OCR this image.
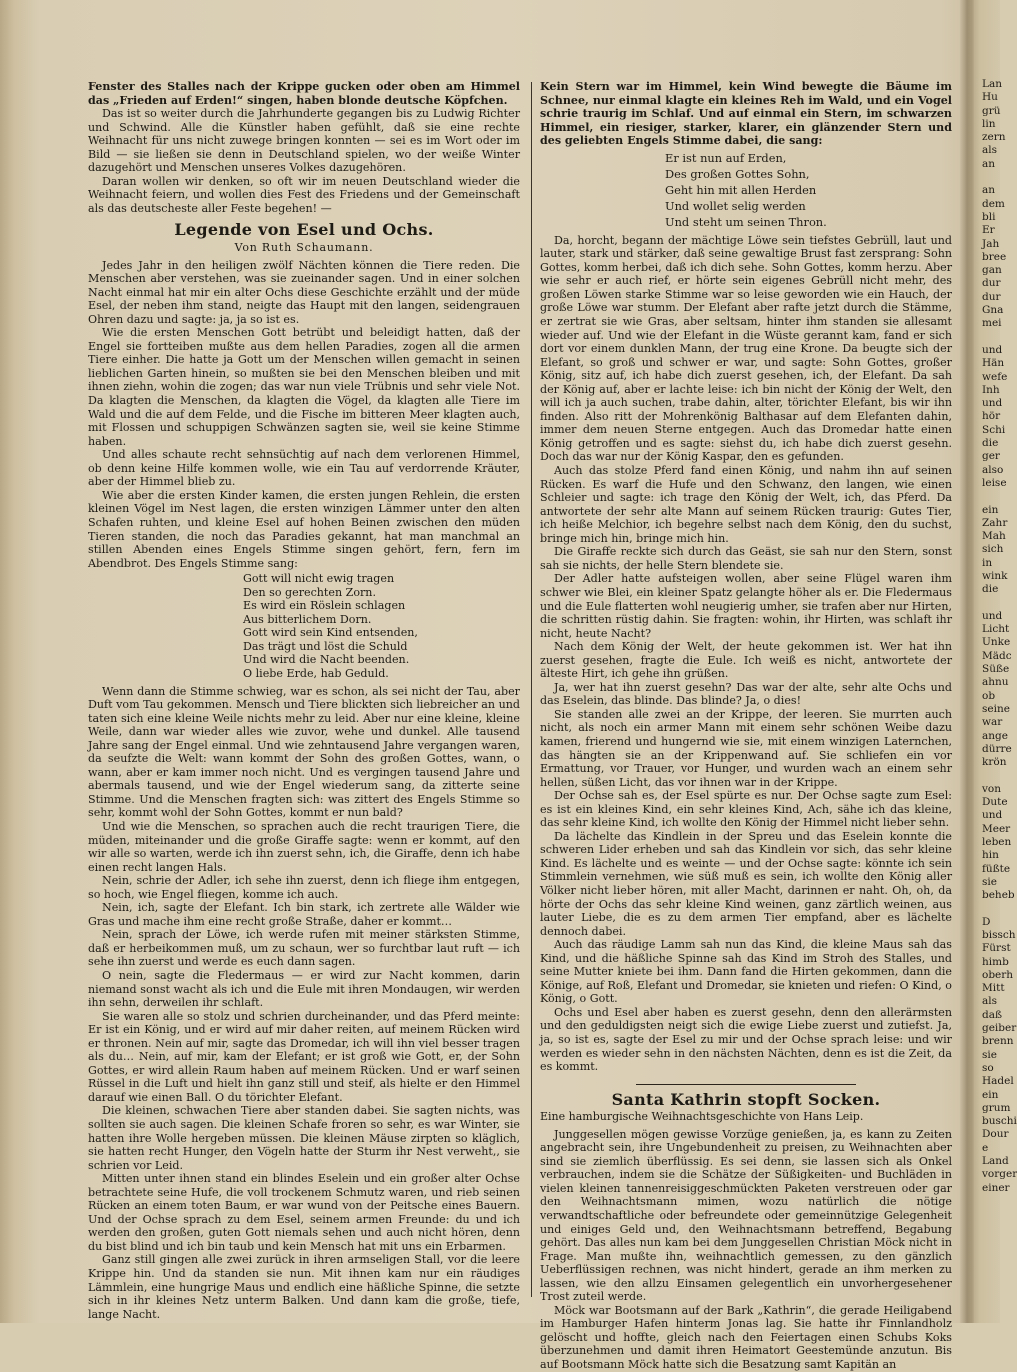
Fenster des Stalles nach der Krippe gucken oder oben am Himmel das „Frieden auf Erden!“ singen, haben blonde deutsche Köpfchen.

Das ist so weiter durch die Jahrhunderte gegangen bis zu Ludwig Richter und Schwind. Alle die Künstler haben gefühlt, daß sie eine rechte Weihnacht für uns nicht zuwege bringen konnten — sei es im Wort oder im Bild — sie ließen sie denn in Deutschland spielen, wo der weiße Winter dazugehört und Menschen unseres Volkes dazugehören.

Daran wollen wir denken, so oft wir im neuen Deutschland wieder die Weihnacht feiern, und wollen dies Fest des Friedens und der Gemeinschaft als das deutscheste aller Feste begehen! —

Legende von Esel und Ochs.
Von Ruth Schaumann.

Jedes Jahr in den heiligen zwölf Nächten können die Tiere reden. Die Menschen aber verstehen, was sie zueinander sagen. Und in einer solchen Nacht einmal hat mir ein alter Ochs diese Geschichte erzählt und der müde Esel, der neben ihm stand, neigte das Haupt mit den langen, seidengrauen Ohren dazu und sagte: ja, ja so ist es.

Wie die ersten Menschen Gott betrübt und beleidigt hatten, daß der Engel sie fortteiben mußte aus dem hellen Paradies, zogen all die armen Tiere einher. Die hatte ja Gott um der Menschen willen gemacht in seinen lieblichen Garten hinein, so mußten sie bei den Menschen bleiben und mit ihnen ziehn, wohin die zogen; das war nun viele Trübnis und sehr viele Not. Da klagten die Menschen, da klagten die Vögel, da klagten alle Tiere im Wald und die auf dem Felde, und die Fische im bitteren Meer klagten auch, mit Flossen und schuppigen Schwänzen sagten sie, weil sie keine Stimme haben.

Und alles schaute recht sehnsüchtig auf nach dem verlorenen Himmel, ob denn keine Hilfe kommen wolle, wie ein Tau auf verdorrende Kräuter, aber der Himmel blieb zu.

Wie aber die ersten Kinder kamen, die ersten jungen Rehlein, die ersten kleinen Vögel im Nest lagen, die ersten winzigen Lämmer unter den alten Schafen ruhten, und kleine Esel auf hohen Beinen zwischen den müden Tieren standen, die noch das Paradies gekannt, hat man manchmal an stillen Abenden eines Engels Stimme singen gehört, fern, fern im Abendbrot. Des Engels Stimme sang:

Gott will nicht ewig tragen
Den so gerechten Zorn.
Es wird ein Röslein schlagen
Aus bitterlichem Dorn.
Gott wird sein Kind entsenden,
Das trägt und löst die Schuld
Und wird die Nacht beenden.
O liebe Erde, hab Geduld.

Wenn dann die Stimme schwieg, war es schon, als sei nicht der Tau, aber Duft vom Tau gekommen. Mensch und Tiere blickten sich liebreicher an und taten sich eine kleine Weile nichts mehr zu leid. Aber nur eine kleine, kleine Weile, dann war wieder alles wie zuvor, wehe und dunkel. Alle tausend Jahre sang der Engel einmal. Und wie zehntausend Jahre vergangen waren, da seufzte die Welt: wann kommt der Sohn des großen Gottes, wann, o wann, aber er kam immer noch nicht. Und es vergingen tausend Jahre und abermals tausend, und wie der Engel wiederum sang, da zitterte seine Stimme. Und die Menschen fragten sich: was zittert des Engels Stimme so sehr, kommt wohl der Sohn Gottes, kommt er nun bald?

Und wie die Menschen, so sprachen auch die recht traurigen Tiere, die müden, miteinander und die große Giraffe sagte: wenn er kommt, auf den wir alle so warten, werde ich ihn zuerst sehn, ich, die Giraffe, denn ich habe einen recht langen Hals.

Nein, schrie der Adler, ich sehe ihn zuerst, denn ich fliege ihm entgegen, so hoch, wie Engel fliegen, komme ich auch.

Nein, ich, sagte der Elefant. Ich bin stark, ich zertrete alle Wälder wie Gras und mache ihm eine recht große Straße, daher er kommt…

Nein, sprach der Löwe, ich werde rufen mit meiner stärksten Stimme, daß er herbeikommen muß, um zu schaun, wer so furchtbar laut ruft — ich sehe ihn zuerst und werde es euch dann sagen.

O nein, sagte die Fledermaus — er wird zur Nacht kommen, darin niemand sonst wacht als ich und die Eule mit ihren Mondaugen, wir werden ihn sehn, derweilen ihr schlaft.

Sie waren alle so stolz und schrien durcheinander, und das Pferd meinte: Er ist ein König, und er wird auf mir daher reiten, auf meinem Rücken wird er thronen. Nein auf mir, sagte das Dromedar, ich will ihn viel besser tragen als du… Nein, auf mir, kam der Elefant; er ist groß wie Gott, er, der Sohn Gottes, er wird allein Raum haben auf meinem Rücken. Und er warf seinen Rüssel in die Luft und hielt ihn ganz still und steif, als hielte er den Himmel darauf wie einen Ball. O du törichter Elefant.

Die kleinen, schwachen Tiere aber standen dabei. Sie sagten nichts, was sollten sie auch sagen. Die kleinen Schafe froren so sehr, es war Winter, sie hatten ihre Wolle hergeben müssen. Die kleinen Mäuse zirpten so kläglich, sie hatten recht Hunger, den Vögeln hatte der Sturm ihr Nest verweht,, sie schrien vor Leid.

Mitten unter ihnen stand ein blindes Eselein und ein großer alter Ochse betrachtete seine Hufe, die voll trockenem Schmutz waren, und rieb seinen Rücken an einem toten Baum, er war wund von der Peitsche eines Bauern. Und der Ochse sprach zu dem Esel, seinem armen Freunde: du und ich werden den großen, guten Gott niemals sehen und auch nicht hören, denn du bist blind und ich bin taub und kein Mensch hat mit uns ein Erbarmen.

Ganz still gingen alle zwei zurück in ihren armseligen Stall, vor die leere Krippe hin. Und da standen sie nun. Mit ihnen kam nur ein räudiges Lämmlein, eine hungrige Maus und endlich eine häßliche Spinne, die setzte sich in ihr kleines Netz unterm Balken. Und dann kam die große, tiefe, lange Nacht.

Kein Stern war im Himmel, kein Wind bewegte die Bäume im Schnee, nur einmal klagte ein kleines Reh im Wald, und ein Vogel schrie traurig im Schlaf. Und auf einmal ein Stern, im schwarzen Himmel, ein riesiger, starker, klarer, ein glänzender Stern und des geliebten Engels Stimme dabei, die sang:

Er ist nun auf Erden,
Des großen Gottes Sohn,
Geht hin mit allen Herden
Und wollet selig werden
Und steht um seinen Thron.

Da, horcht, begann der mächtige Löwe sein tiefstes Gebrüll, laut und lauter, stark und stärker, daß seine gewaltige Brust fast zersprang: Sohn Gottes, komm herbei, daß ich dich sehe. Sohn Gottes, komm herzu. Aber wie sehr er auch rief, er hörte sein eigenes Gebrüll nicht mehr, des großen Löwen starke Stimme war so leise geworden wie ein Hauch, der große Löwe war stumm. Der Elefant aber rafte jetzt durch die Stämme, er zertrat sie wie Gras, aber seltsam, hinter ihm standen sie allesamt wieder auf. Und wie der Elefant in die Wüste gerannt kam, fand er sich dort vor einem dunklen Mann, der trug eine Krone. Da beugte sich der Elefant, so groß und schwer er war, und sagte: Sohn Gottes, großer König, sitz auf, ich habe dich zuerst gesehen, ich, der Elefant. Da sah der König auf, aber er lachte leise: ich bin nicht der König der Welt, den will ich ja auch suchen, trabe dahin, alter, törichter Elefant, bis wir ihn finden. Also ritt der Mohrenkönig Balthasar auf dem Elefanten dahin, immer dem neuen Sterne entgegen. Auch das Dromedar hatte einen König getroffen und es sagte: siehst du, ich habe dich zuerst gesehn. Doch das war nur der König Kaspar, den es gefunden.

Auch das stolze Pferd fand einen König, und nahm ihn auf seinen Rücken. Es warf die Hufe und den Schwanz, den langen, wie einen Schleier und sagte: ich trage den König der Welt, ich, das Pferd. Da antwortete der sehr alte Mann auf seinem Rücken traurig: Gutes Tier, ich heiße Melchior, ich begehre selbst nach dem König, den du suchst, bringe mich hin, bringe mich hin.

Die Giraffe reckte sich durch das Geäst, sie sah nur den Stern, sonst sah sie nichts, der helle Stern blendete sie.

Der Adler hatte aufsteigen wollen, aber seine Flügel waren ihm schwer wie Blei, ein kleiner Spatz gelangte höher als er. Die Fledermaus und die Eule flatterten wohl neugierig umher, sie trafen aber nur Hirten, die schritten rüstig dahin. Sie fragten: wohin, ihr Hirten, was schlaft ihr nicht, heute Nacht?

Nach dem König der Welt, der heute gekommen ist. Wer hat ihn zuerst gesehen, fragte die Eule. Ich weiß es nicht, antwortete der älteste Hirt, ich gehe ihn grüßen.

Ja, wer hat ihn zuerst gesehn? Das war der alte, sehr alte Ochs und das Eselein, das blinde. Das blinde? Ja, o dies!

Sie standen alle zwei an der Krippe, der leeren. Sie murrten auch nicht, als noch ein armer Mann mit einem sehr schönen Weibe dazu kamen, frierend und hungernd wie sie, mit einem winzigen Laternchen, das hängten sie an der Krippenwand auf. Sie schliefen ein vor Ermattung, vor Trauer, vor Hunger, und wurden wach an einem sehr hellen, süßen Licht, das vor ihnen war in der Krippe.

Der Ochse sah es, der Esel spürte es nur. Der Ochse sagte zum Esel: es ist ein kleines Kind, ein sehr kleines Kind, Ach, sähe ich das kleine, das sehr kleine Kind, ich wollte den König der Himmel nicht lieber sehn.

Da lächelte das Kindlein in der Spreu und das Eselein konnte die schweren Lider erheben und sah das Kindlein vor sich, das sehr kleine Kind. Es lächelte und es weinte — und der Ochse sagte: könnte ich sein Stimmlein vernehmen, wie süß muß es sein, ich wollte den König aller Völker nicht lieber hören, mit aller Macht, darinnen er naht. Oh, oh, da hörte der Ochs das sehr kleine Kind weinen, ganz zärtlich weinen, aus lauter Liebe, die es zu dem armen Tier empfand, aber es lächelte dennoch dabei.

Auch das räudige Lamm sah nun das Kind, die kleine Maus sah das Kind, und die häßliche Spinne sah das Kind im Stroh des Stalles, und seine Mutter kniete bei ihm. Dann fand die Hirten gekommen, dann die Könige, auf Roß, Elefant und Dromedar, sie knieten und riefen: O Kind, o König, o Gott.

Ochs und Esel aber haben es zuerst gesehn, denn den allerärmsten und den geduldigsten neigt sich die ewige Liebe zuerst und zutiefst. Ja, ja, so ist es, sagte der Esel zu mir und der Ochse sprach leise: und wir werden es wieder sehn in den nächsten Nächten, denn es ist die Zeit, da es kommt.

Santa Kathrin stopft Socken.
Eine hamburgische Weihnachtsgeschichte von Hans Leip.

Junggesellen mögen gewisse Vorzüge genießen, ja, es kann zu Zeiten angebracht sein, ihre Ungebundenheit zu preisen, zu Weihnachten aber sind sie ziemlich überflüssig. Es sei denn, sie lassen sich als Onkel verbrauchen, indem sie die Schätze der Süßigkeiten- und Buchläden in vielen kleinen tannenreisiggeschmückten Paketen verstreuen oder gar den Weihnachtsmann mimen, wozu natürlich die nötige verwandtschaftliche oder befreundete oder gemeinnützige Gelegenheit und einiges Geld und, den Weihnachtsmann betreffend, Begabung gehört. Das alles nun kam bei dem Junggesellen Christian Möck nicht in Frage. Man mußte ihn, weihnachtlich gemessen, zu den gänzlich Ueberflüssigen rechnen, was nicht hindert, gerade an ihm merken zu lassen, wie den allzu Einsamen gelegentlich ein unvorhergesehener Trost zuteil werde.

Möck war Bootsmann auf der Bark „Kathrin“, die gerade Heiligabend im Hamburger Hafen hinterm Jonas lag. Sie hatte ihr Finnlandholz gelöscht und hoffte, gleich nach den Feiertagen einen Schubs Koks überzunehmen und damit ihren Heimatort Geestemünde anzutun. Bis auf Bootsmann Möck hatte sich die Besatzung samt Kapitän an

Lan
Hu
grü
lin
zern
als
an

an
dem
bli
Er
Jah
bree
gan
dur
dur
Gna
mei

und
Hän
wefe
Inh
und
hör
Schi
die
ger
also
leise

ein
Zahr
Mah
sich
in
wink
die

und
Licht
Unke
Mädc
Süße
ahnu
ob
seine
war
ange
dürre
krön

von
Dute
und
Meer
leben
hin
füßte
sie
beheb

D
bissch
Fürst
himb
oberh
Mitt
als
daß
geiber
brenn
sie
so
Hadel
ein
grum
buschi
Dour
e
Land
vorger
einer
